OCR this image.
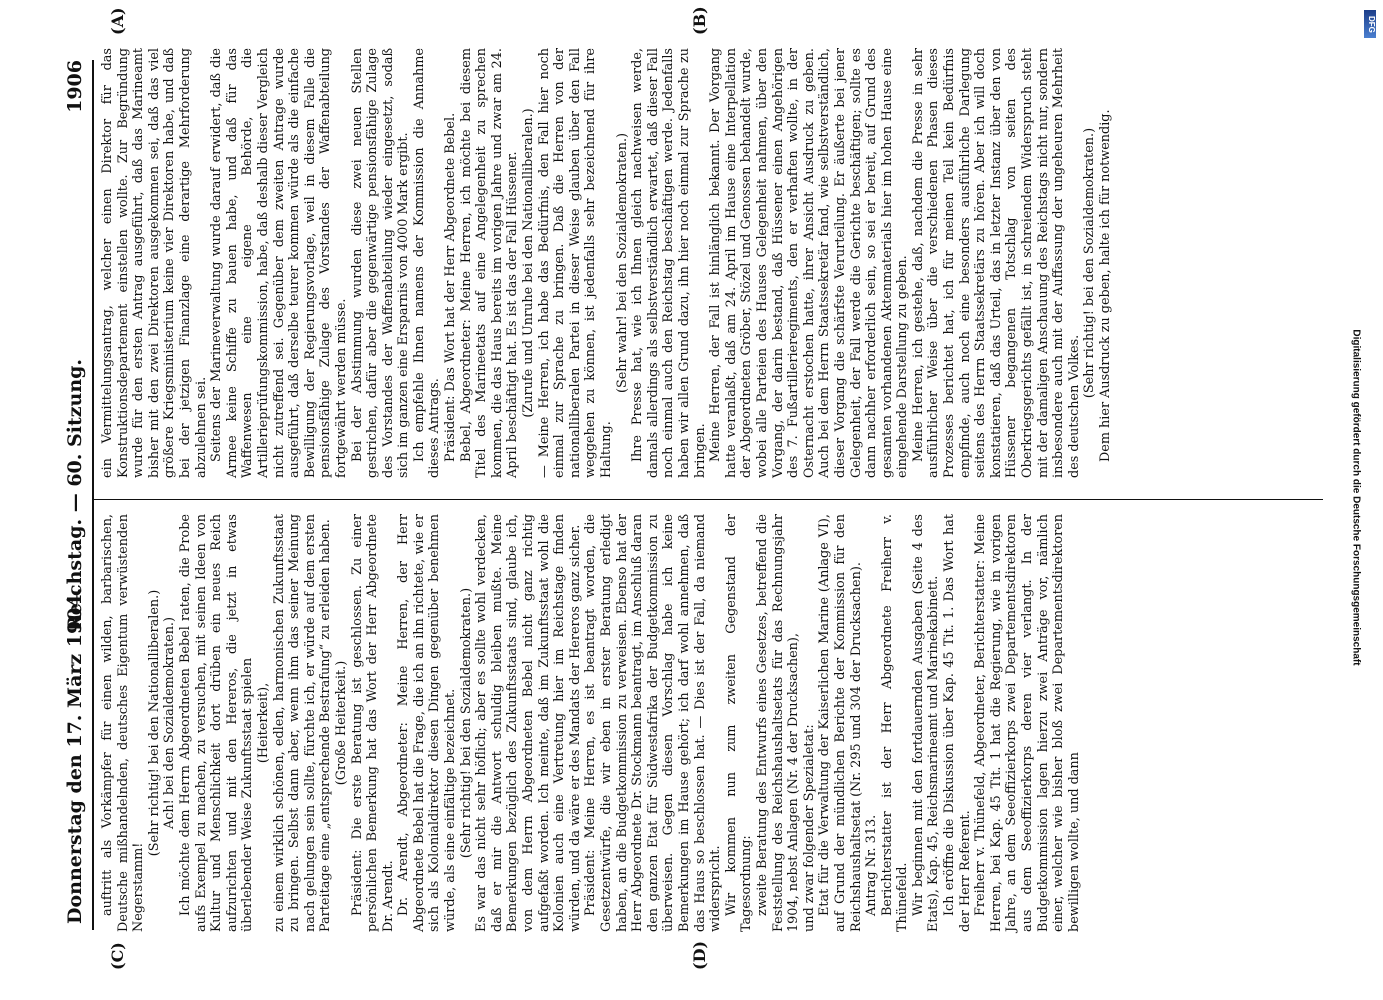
Donnerstag den 17. März 1904.
Reichstag. — 60. Sitzung.
1906

auftritt als Vorkämpfer für einen wilden, barbarischen, Deutsche mißhandelnden, deutsches Eigentum verwüstenden Negerstamm!

(Sehr richtig! bei den Nationalliberalen.) Ach! bei den Sozialdemokraten.) Ich möchte dem Herrn Abgeordneten Bebel raten, die Probe aufs Exempel zu machen, zu versuchen, mit seinen Ideen von Kultur und Menschlichkeit dort drüben ein neues Reich aufzurichten und mit den Hereros, die jetzt in etwas überlebender Weise Zukunftsstaat spielen (Heiterkeit), zu einem wirklich schönen, edlen, harmonischen Zukunftsstaat zu bringen. Selbst dann aber, wenn ihm das seiner Meinung nach gelungen sein sollte, fürchte ich, er würde auf dem ersten Parteitage eine „entsprechende Bestrafung“ zu erleiden haben. (Große Heiterkeit.) Präsident: Die erste Beratung ist geschlossen. Zu einer persönlichen Bemerkung hat das Wort der Herr Abgeordnete Dr. Arendt. Dr. Arendt, Abgeordneter: Meine Herren, der Herr Abgeordnete Bebel hat die Frage, die ich an ihn richtete, wie er sich als Kolonialdirektor diesen Dingen gegenüber benehmen würde, als eine einfältige bezeichnet. (Sehr richtig! bei den Sozialdemokraten.) Es war das nicht sehr höflich; aber es sollte wohl verdecken, daß er mir die Antwort schuldig bleiben mußte. Meine Bemerkungen bezüglich des Zukunftsstaats sind, glaube ich, von dem Herrn Abgeordneten Bebel nicht ganz richtig aufgefaßt worden. Ich meinte, daß im Zukunftsstaat wohl die Kolonien auch eine Vertretung hier im Reichstage finden würden, und da wäre er des Mandats der Hereros ganz sicher. Präsident: Meine Herren, es ist beantragt worden, die Gesetzentwürfe, die wir eben in erster Beratung erledigt haben, an die Budgetkommission zu verweisen. Ebenso hat der Herr Abgeordnete Dr. Stockmann beantragt, im Anschluß daran den ganzen Etat für Südwestafrika der Budgetkommission zu überweisen. Gegen diesen Vorschlag habe ich keine Bemerkungen im Hause gehört; ich darf wohl annehmen, daß das Haus so beschlossen hat. — Dies ist der Fall, da niemand widerspricht. Wir kommen nun zum zweiten Gegenstand der Tagesordnung: zweite Beratung des Entwurfs eines Gesetzes, betreffend die Feststellung des Reichshaushaltsetats für das Rechnungsjahr 1904, nebst Anlagen (Nr. 4 der Drucksachen), und zwar folgender Spezialetat: Etat für die Verwaltung der Kaiserlichen Marine (Anlage VI), auf Grund der mündlichen Berichte der Kommission für den Reichshaushaltsetat (Nr. 295 und 304 der Drucksachen). Antrag Nr. 313. Berichterstatter ist der Herr Abgeordnete Freiherr v. Thünefeld. Wir beginnen mit den fortdauernden Ausgaben (Seite 4 des Etats), Kap. 45, Reichsmarineamt und Marinekabinett. Ich eröffne die Diskussion über Kap. 45 Tit. 1. Das Wort hat der Herr Referent. Freiherr v. Thünefeld, Abgeordneter, Berichterstatter: Meine Herren, bei Kap. 45 Tit. 1 hat die Regierung, wie in vorigen Jahre, an dem Seeoffizierkorps zwei Departementsdirektoren aus dem Seeoffizierkorps deren vier verlangt. In der Budgetkommission lagen hierzu zwei Anträge vor, nämlich einer, welcher wie bisher bloß zwei Departementsdirektoren bewilligen wollte, und dann

ein Vermittelungsantrag, welcher einen Direktor für das Konstruktionsdepartement einstellen wollte. Zur Begründung wurde für den ersten Antrag ausgeführt, daß das Marineamt bisher mit den zwei Direktoren ausgekommen sei, daß das viel größere Kriegsministerium keine vier Direktoren habe, und daß bei der jetzigen Finanzlage eine derartige Mehrforderung abzulehnen sei. Seitens der Marineverwaltung wurde darauf erwidert, daß die Armee keine Schiffe zu bauen habe, und daß für das Waffenwesen eine eigene Behörde, die Artillerieprüfungskommission, habe, daß deshalb dieser Vergleich nicht zutreffend sei. Gegenüber dem zweiten Antrage wurde ausgeführt, daß derselbe teurer kommen würde als die einfache Bewilligung der Regierungsvorlage, weil in diesem Falle die pensionsfähige Zulage des Vorstandes der Waffenabteilung fortgewährt werden müsse. Bei der Abstimmung wurden diese zwei neuen Stellen gestrichen, dafür aber die gegenwärtige pensionsfähige Zulage des Vorstandes der Waffenabteilung wieder eingesetzt, sodaß sich im ganzen eine Ersparnis von 4000 Mark ergibt. Ich empfehle Ihnen namens der Kommission die Annahme dieses Antrags. Präsident: Das Wort hat der Herr Abgeordnete Bebel. Bebel, Abgeordneter: Meine Herren, ich möchte bei diesem Titel des Marineetats auf eine Angelegenheit zu sprechen kommen, die das Haus bereits im vorigen Jahre und zwar am 24. April beschäftigt hat. Es ist das der Fall Hüssener. (Zurufe und Unruhe bei den Nationalliberalen.) — Meine Herren, ich habe das Bedürfnis, den Fall hier noch einmal zur Sprache zu bringen. Daß die Herren von der nationalliberalen Partei in dieser Weise glauben über den Fall weggehen zu können, ist jedenfalls sehr bezeichnend für ihre Haltung.

(Sehr wahr! bei den Sozialdemokraten.) Ihre Presse hat, wie ich Ihnen gleich nachweisen werde, damals allerdings als selbstverständlich erwartet, daß dieser Fall noch einmal auch den Reichstag beschäftigen werde. Jedenfalls haben wir allen Grund dazu, ihn hier noch einmal zur Sprache zu bringen. Meine Herren, der Fall ist hinlänglich bekannt. Der Vorgang hatte veranlaßt, daß am 24. April im Hause eine Interpellation der Abgeordneten Gröber, Stözel und Genossen behandelt wurde, wobei alle Parteien des Hauses Gelegenheit nahmen, über den Vorgang, der darin bestand, daß Hüssener einen Angehörigen des 7. Fußartillerieregiments, den er verhaften wollte, in der Osternacht erstochen hatte, ihrer Ansicht Ausdruck zu geben. Auch bei dem Herrn Staatssekretär fand, wie selbstverständlich, dieser Vorgang die schärfste Verurteilung. Er äußerte bei jener Gelegenheit, der Fall werde die Gerichte beschäftigen; sollte es dann nachher erforderlich sein, so sei er bereit, auf Grund des gesamten vorhandenen Aktenmaterials hier im hohen Hause eine eingehende Darstellung zu geben. Meine Herren, ich gestehe, daß, nachdem die Presse in sehr ausführlicher Weise über die verschiedenen Phasen dieses Prozesses berichtet hat, ich für meinen Teil kein Bedürfnis empfinde, auch noch eine besonders ausführliche Darlegung seitens des Herrn Staatssekretärs zu hören. Aber ich will doch konstatieren, daß das Urteil, das in letzter Instanz über den von Hüssener begangenen Totschlag von seiten des Oberkriegsgerichts gefällt ist, in schreiendem Widerspruch steht mit der damaligen Anschauung des Reichstags nicht nur, sondern insbesondere auch mit der Auffassung der ungeheuren Mehrheit des deutschen Volkes.

(Sehr richtig! bei den Sozialdemokraten.) Dem hier Ausdruck zu geben, halte ich für notwendig.

(A)	(B)
(C)	(D)
DFG
Digitalisierung gefördert durch die Deutsche Forschungsgemeinschaft
